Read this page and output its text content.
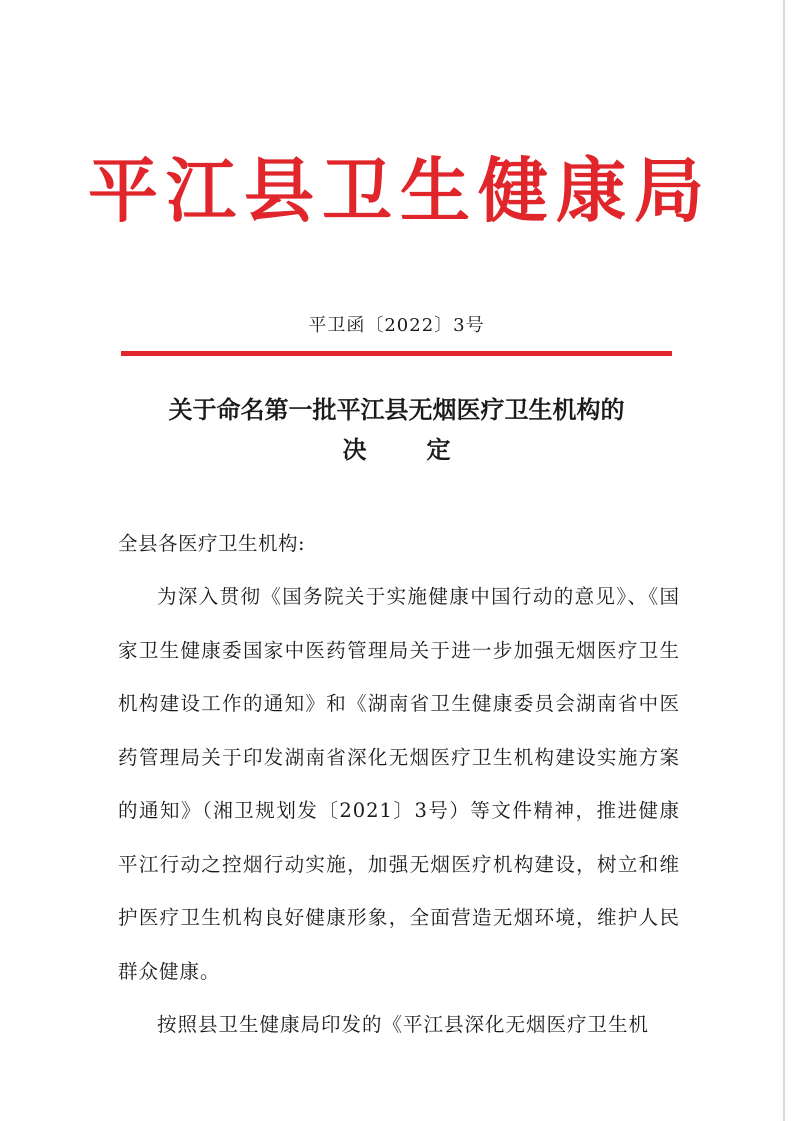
平江县卫生健康局
平卫函〔2022〕3号
关于命名第一批平江县无烟医疗卫生机构的
决定
全县各医疗卫生机构:

为深入贯彻《国务院关于实施健康中国行动的意见》、《国家卫生健康委国家中医药管理局关于进一步加强无烟医疗卫生机构建设工作的通知》和《湖南省卫生健康委员会湖南省中医药管理局关于印发湖南省深化无烟医疗卫生机构建设实施方案的通知》（湘卫规划发〔2021〕3号）等文件精神，推进健康平江行动之控烟行动实施，加强无烟医疗机构建设，树立和维护医疗卫生机构良好健康形象，全面营造无烟环境，维护人民群众健康。

按照县卫生健康局印发的《平江县深化无烟医疗卫生机
